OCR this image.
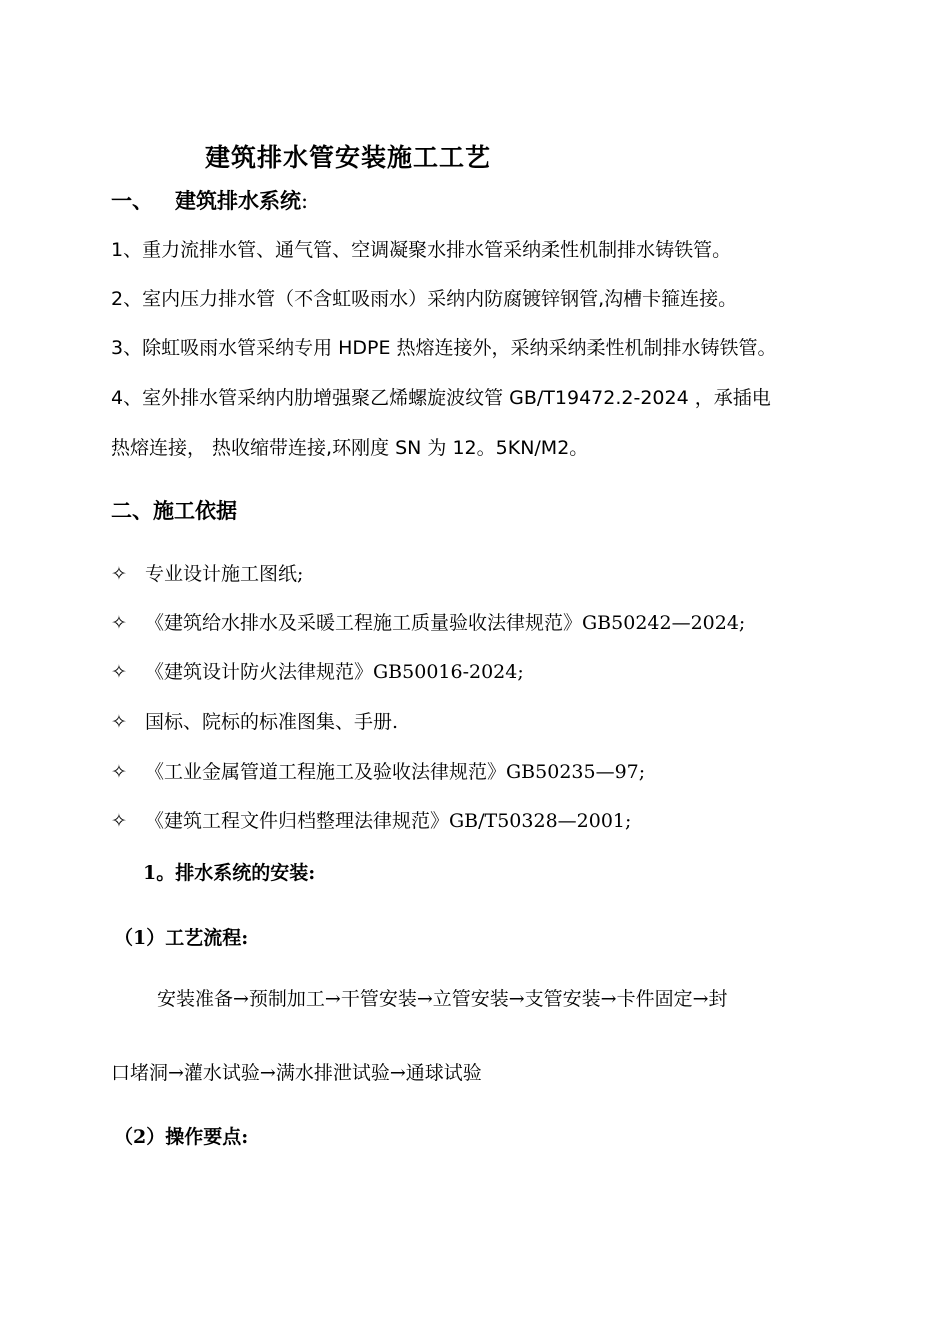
建筑排水管安装施工工艺
一、 建筑排水系统:
1、重力流排水管、通气管、空调凝聚水排水管采纳柔性机制排水铸铁管。
2、室内压力排水管（不含虹吸雨水）采纳内防腐镀锌钢管,沟槽卡箍连接。
3、除虹吸雨水管采纳专用 HDPE 热熔连接外，采纳采纳柔性机制排水铸铁管。
4、室外排水管采纳内肋增强聚乙烯螺旋波纹管 GB/T19472.2-2024 ，承插电
热熔连接， 热收缩带连接,环刚度 SN 为 12。5KN/M2。
二、施工依据
✧ 专业设计施工图纸;
✧ 《建筑给水排水及采暖工程施工质量验收法律规范》GB50242—2024;
✧ 《建筑设计防火法律规范》GB50016-2024;
✧ 国标、院标的标准图集、手册.
✧ 《工业金属管道工程施工及验收法律规范》GB50235—97;
✧ 《建筑工程文件归档整理法律规范》GB/T50328—2001;
1。排水系统的安装:
（1）工艺流程:
安装准备→预制加工→干管安装→立管安装→支管安装→卡件固定→封
口堵洞→灌水试验→满水排泄试验→通球试验
（2）操作要点:
